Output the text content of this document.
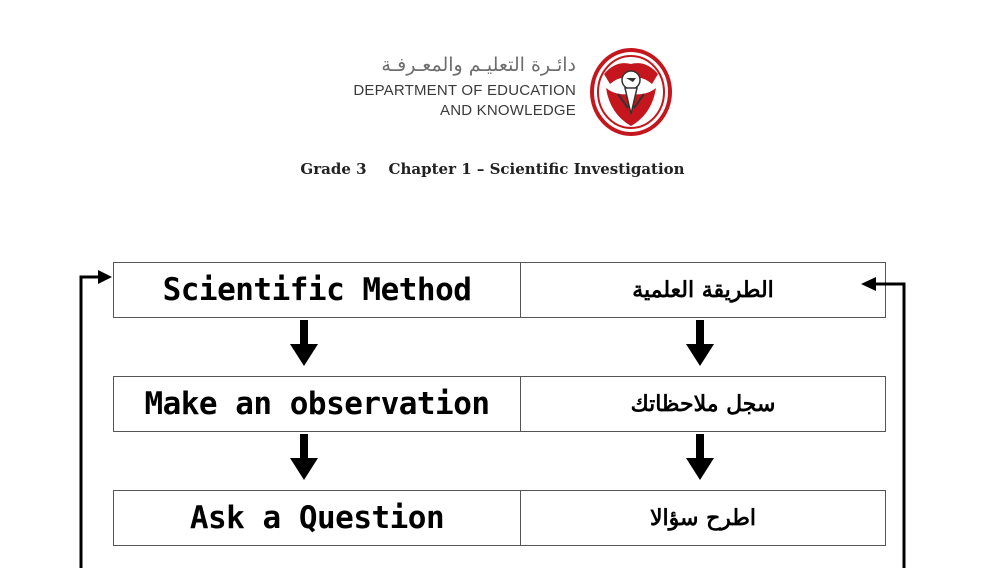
دائـرة التعليـم والمعـرفـة
DEPARTMENT OF EDUCATION
AND KNOWLEDGE
Grade 3 Chapter 1 – Scientific Investigation
Scientific Method	الطريقة العلمية
Make an observation	سجل ملاحظاتك
Ask a Question	اطرح سؤالا
